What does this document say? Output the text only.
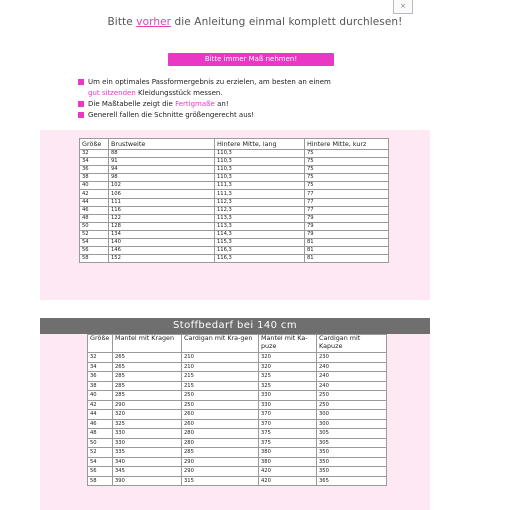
×
Bitte vorher die Anleitung einmal komplett durchlesen!
Bitte immer Maß nehmen!
Um ein optimales Passformergebnis zu erzielen, am besten an einem
gut sitzenden Kleidungsstück messen.
Die Maßtabelle zeigt die Fertigmaße an!
Generell fallen die Schnitte größengerecht aus!
Größe	Brustweite	Hintere Mitte, lang	Hintere Mitte, kurz
32	88	110,3	75
34	91	110,3	75
36	94	110,3	75
38	98	110,3	75
40	102	111,3	75
42	106	111,3	77
44	111	112,3	77
46	116	112,3	77
48	122	113,3	79
50	128	113,3	79
52	134	114,3	79
54	140	115,3	81
56	146	116,3	81
58	152	116,3	81
Stoffbedarf bei 140 cm
Größe	Mantel mit Kragen	Cardigan mit Kra-gen	Mantel mit Ka-puze	Cardigan mit Kapuze
32	265	210	320	230
34	265	210	320	240
36	285	215	325	240
38	285	215	325	240
40	285	250	330	250
42	290	250	330	250
44	320	260	370	300
46	325	260	370	300
48	330	280	375	305
50	330	280	375	305
52	335	285	380	350
54	340	290	380	350
56	345	290	420	350
58	390	315	420	365
